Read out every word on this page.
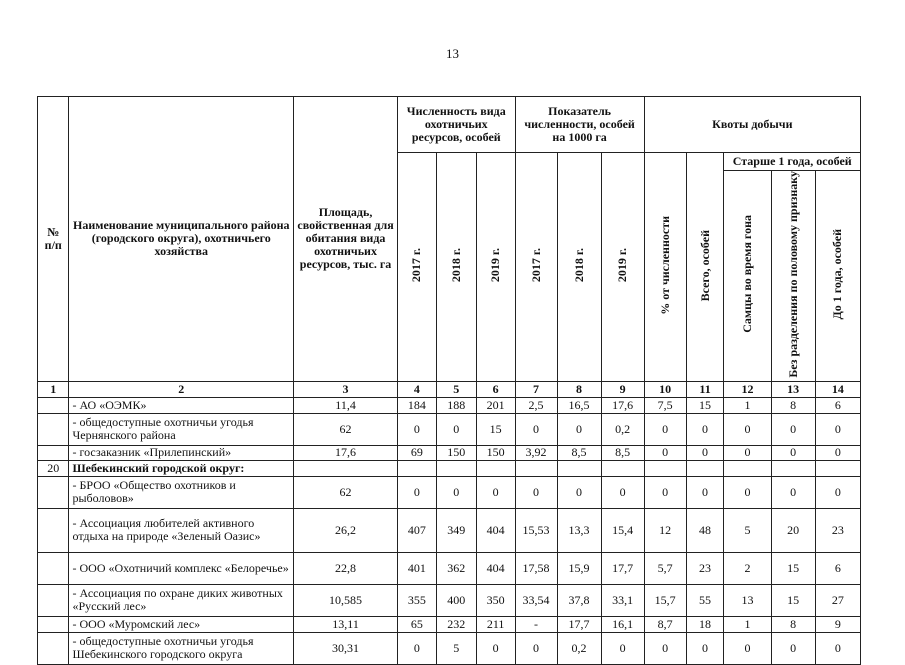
13
№ п/п	Наименование муниципального района (городского округа), охотничьего хозяйства	Площадь, свойственная для обитания вида охотничьих ресурсов, тыс. га	Численность вида охотничьих ресурсов, особей			Показатель численности, особей на 1000 га			Квоты добычи				
			2017 г.	2018 г.	2019 г.	2017 г.	2018 г.	2019 г.	% от численности	Всего, особей	Старше 1 года, особей		
											Самцы во время гона	Без разделения по половому признаку	До 1 года, особей
1	2	3	4	5	6	7	8	9	10	11	12	13	14
	- АО «ОЭМК»	11,4	184	188	201	2,5	16,5	17,6	7,5	15	1	8	6
	- общедоступные охотничьи угодья Чернянского района	62	0	0	15	0	0	0,2	0	0	0	0	0
	- госзаказник «Прилепинский»	17,6	69	150	150	3,92	8,5	8,5	0	0	0	0	0
20	Шебекинский городской округ:												
	- БРОО «Общество охотников и рыболовов»	62	0	0	0	0	0	0	0	0	0	0	0
	- Ассоциация любителей активного отдыха на природе «Зеленый Оазис»	26,2	407	349	404	15,53	13,3	15,4	12	48	5	20	23
	- ООО «Охотничий комплекс «Белоречье»	22,8	401	362	404	17,58	15,9	17,7	5,7	23	2	15	6
	- Ассоциация по охране диких животных «Русский лес»	10,585	355	400	350	33,54	37,8	33,1	15,7	55	13	15	27
	- ООО «Муромский лес»	13,11	65	232	211	-	17,7	16,1	8,7	18	1	8	9
	- общедоступные охотничьи угодья Шебекинского городского округа	30,31	0	5	0	0	0,2	0	0	0	0	0	0
